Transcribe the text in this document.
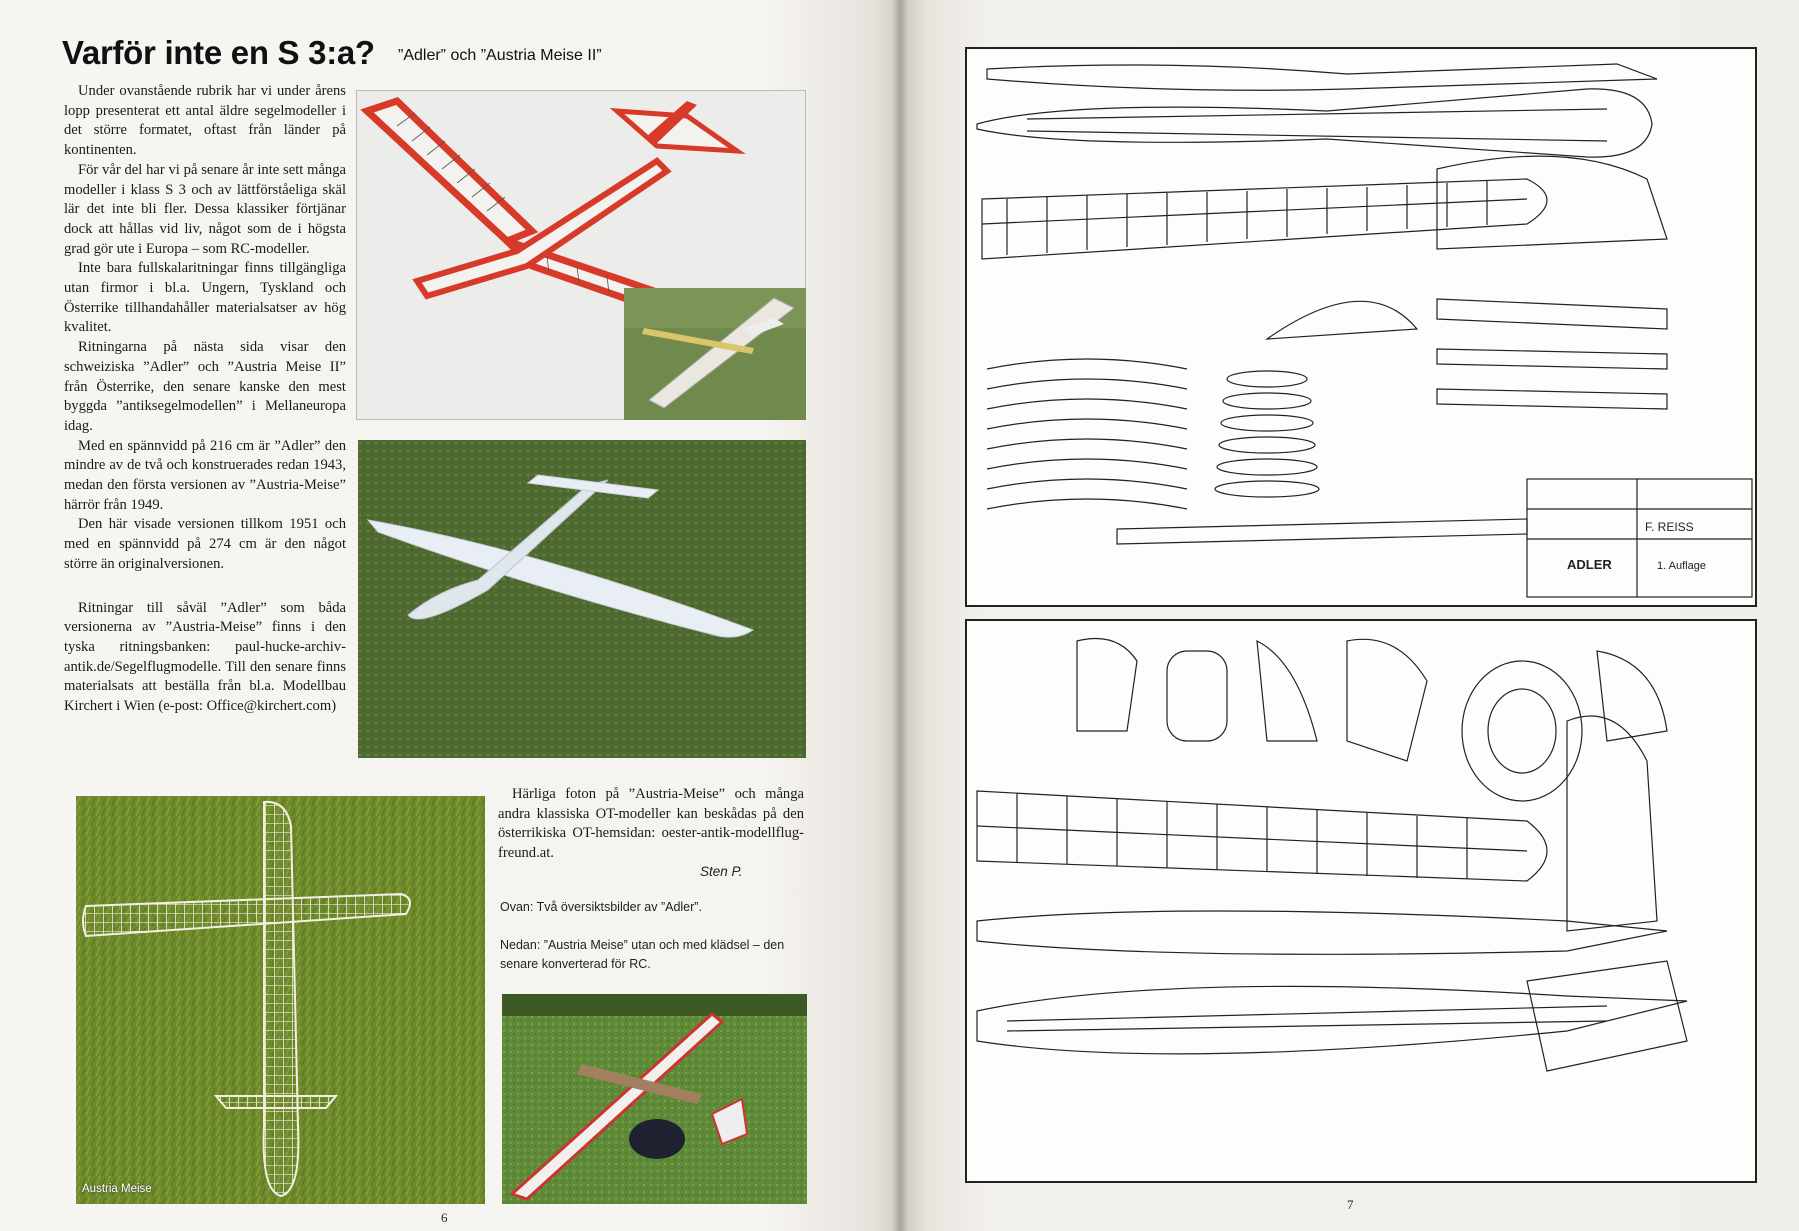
Varför inte en S 3:a? ”Adler” och ”Austria Meise II”

Under ovanstående rubrik har vi under årens lopp presenterat ett antal äldre segelmodeller i det större formatet, oftast från länder på kontinenten.

För vår del har vi på senare år inte sett många modeller i klass S 3 och av lättförståeliga skäl lär det inte bli fler. Dessa klassiker förtjänar dock att hållas vid liv, något som de i högsta grad gör ute i Europa – som RC-modeller.

Inte bara fullskalaritningar finns tillgängliga utan firmor i bl.a. Ungern, Tyskland och Österrike tillhandahåller materialsatser av hög kvalitet.

Ritningarna på nästa sida visar den schweiziska ”Adler” och ”Austria Meise II” från Österrike, den senare kanske den mest byggda ”antiksegelmodellen” i Mellaneuropa idag.

Med en spännvidd på 216 cm är ”Adler” den mindre av de två och konstruerades redan 1943, medan den första versionen av ”Austria-Meise” härrör från 1949.

Den här visade versionen tillkom 1951 och med en spännvidd på 274 cm är den något större än originalversionen.

Ritningar till såväl ”Adler” som båda versionerna av ”Austria-Meise” finns i den tyska ritningsbanken: paul-hucke-archiv-antik.de/Segelflugmodelle. Till den senare finns materialsats att beställa från bl.a. Modellbau Kirchert i Wien (e-post: Office@kirchert.com)

Austria Meise

Härliga foton på ”Austria-Meise” och många andra klassiska OT-modeller kan beskådas på den österrikiska OT-hemsidan: oester-antik-modellflug-freund.at.

Sten P.
Ovan: Två översiktsbilder av ”Adler”.
Nedan: ”Austria Meise” utan och med klädsel – den senare konverterad för RC.
6
F. REISS
ADLER	1. Auflage
7
